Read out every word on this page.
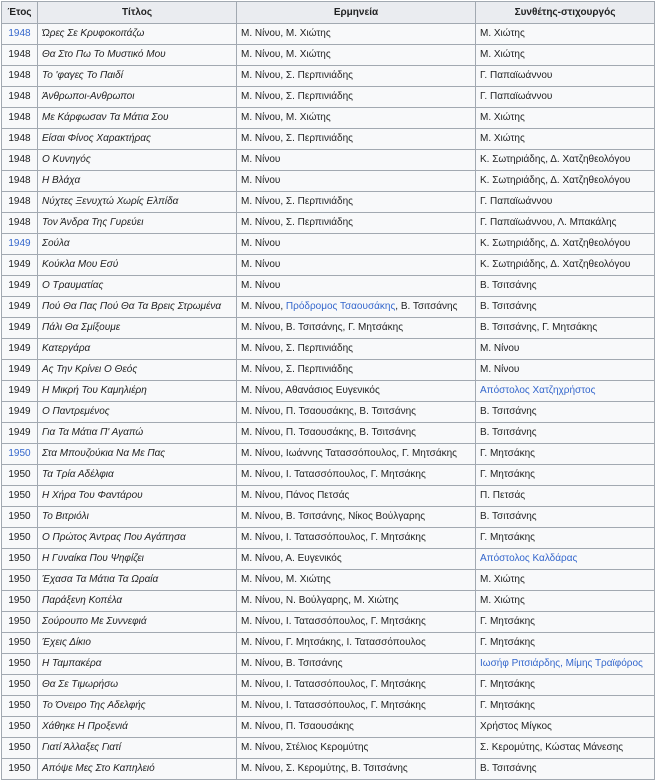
Έτος	Τίτλος	Ερμηνεία	Συνθέτης-στιχουργός
1948	Ώρες Σε Κρυφοκοιτάζω	Μ. Νίνου, Μ. Χιώτης	Μ. Χιώτης
1948	Θα Στο Πω Το Μυστικό Μου	Μ. Νίνου, Μ. Χιώτης	Μ. Χιώτης
1948	Το 'φαγες Το Παιδί	Μ. Νίνου, Σ. Περπινιάδης	Γ. Παπαϊωάννου
1948	Άνθρωποι-Ανθρωποι	Μ. Νίνου, Σ. Περπινιάδης	Γ. Παπαϊωάννου
1948	Με Κάρφωσαν Τα Μάτια Σου	Μ. Νίνου, Μ. Χιώτης	Μ. Χιώτης
1948	Είσαι Φίνος Χαρακτήρας	Μ. Νίνου, Σ. Περπινιάδης	Μ. Χιώτης
1948	Ο Κυνηγός	Μ. Νίνου	Κ. Σωτηριάδης, Δ. Χατζηθεολόγου
1948	Η Βλάχα	Μ. Νίνου	Κ. Σωτηριάδης, Δ. Χατζηθεολόγου
1948	Νύχτες Ξενυχτώ Χωρίς Ελπίδα	Μ. Νίνου, Σ. Περπινιάδης	Γ. Παπαϊωάννου
1948	Τον Άνδρα Της Γυρεύει	Μ. Νίνου, Σ. Περπινιάδης	Γ. Παπαϊωάννου, Λ. Μπακάλης
1949	Σούλα	Μ. Νίνου	Κ. Σωτηριάδης, Δ. Χατζηθεολόγου
1949	Κούκλα Μου Εσύ	Μ. Νίνου	Κ. Σωτηριάδης, Δ. Χατζηθεολόγου
1949	Ο Τραυματίας	Μ. Νίνου	Β. Τσιτσάνης
1949	Πού Θα Πας Πού Θα Τα Βρεις Στρωμένα	Μ. Νίνου, Πρόδρομος Τσαουσάκης, Β. Τσιτσάνης	Β. Τσιτσάνης
1949	Πάλι Θα Σμίξουμε	Μ. Νίνου, Β. Τσιτσάνης, Γ. Μητσάκης	Β. Τσιτσάνης, Γ. Μητσάκης
1949	Κατεργάρα	Μ. Νίνου, Σ. Περπινιάδης	Μ. Νίνου
1949	Ας Την Κρίνει Ο Θεός	Μ. Νίνου, Σ. Περπινιάδης	Μ. Νίνου
1949	Η Μικρή Του Καμηλιέρη	Μ. Νίνου, Αθανάσιος Ευγενικός	Απόστολος Χατζηχρήστος
1949	Ο Παντρεμένος	Μ. Νίνου, Π. Τσαουσάκης, Β. Τσιτσάνης	Β. Τσιτσάνης
1949	Για Τα Μάτια Π' Αγαπώ	Μ. Νίνου, Π. Τσαουσάκης, Β. Τσιτσάνης	Β. Τσιτσάνης
1950	Στα Μπουζούκια Να Με Πας	Μ. Νίνου, Ιωάννης Τατασσόπουλος, Γ. Μητσάκης	Γ. Μητσάκης
1950	Τα Τρία Αδέλφια	Μ. Νίνου, Ι. Τατασσόπουλος, Γ. Μητσάκης	Γ. Μητσάκης
1950	Η Χήρα Του Φαντάρου	Μ. Νίνου, Πάνος Πετσάς	Π. Πετσάς
1950	Το Βιτριόλι	Μ. Νίνου, Β. Τσιτσάνης, Νίκος Βούλγαρης	Β. Τσιτσάνης
1950	Ο Πρώτος Άντρας Που Αγάπησα	Μ. Νίνου, Ι. Τατασσόπουλος, Γ. Μητσάκης	Γ. Μητσάκης
1950	Η Γυναίκα Που Ψηφίζει	Μ. Νίνου, Α. Ευγενικός	Απόστολος Καλδάρας
1950	Έχασα Τα Μάτια Τα Ωραία	Μ. Νίνου, Μ. Χιώτης	Μ. Χιώτης
1950	Παράξενη Κοπέλα	Μ. Νίνου, Ν. Βούλγαρης, Μ. Χιώτης	Μ. Χιώτης
1950	Σούρουπο Με Συννεφιά	Μ. Νίνου, Ι. Τατασσόπουλος, Γ. Μητσάκης	Γ. Μητσάκης
1950	Έχεις Δίκιο	Μ. Νίνου, Γ. Μητσάκης, Ι. Τατασσόπουλος	Γ. Μητσάκης
1950	Η Ταμπακέρα	Μ. Νίνου, Β. Τσιτσάνης	Ιωσήφ Ριτσιάρδης, Μίμης Τραϊφόρος
1950	Θα Σε Τιμωρήσω	Μ. Νίνου, Ι. Τατασσόπουλος, Γ. Μητσάκης	Γ. Μητσάκης
1950	Το Όνειρο Της Αδελφής	Μ. Νίνου, Ι. Τατασσόπουλος, Γ. Μητσάκης	Γ. Μητσάκης
1950	Χάθηκε Η Προξενιά	Μ. Νίνου, Π. Τσαουσάκης	Χρήστος Μίγκος
1950	Γιατί Άλλαξες Γιατί	Μ. Νίνου, Στέλιος Κερομύτης	Σ. Κερομύτης, Κώστας Μάνεσης
1950	Απόψε Μες Στο Καπηλειό	Μ. Νίνου, Σ. Κερομύτης, Β. Τσιτσάνης	Β. Τσιτσάνης
